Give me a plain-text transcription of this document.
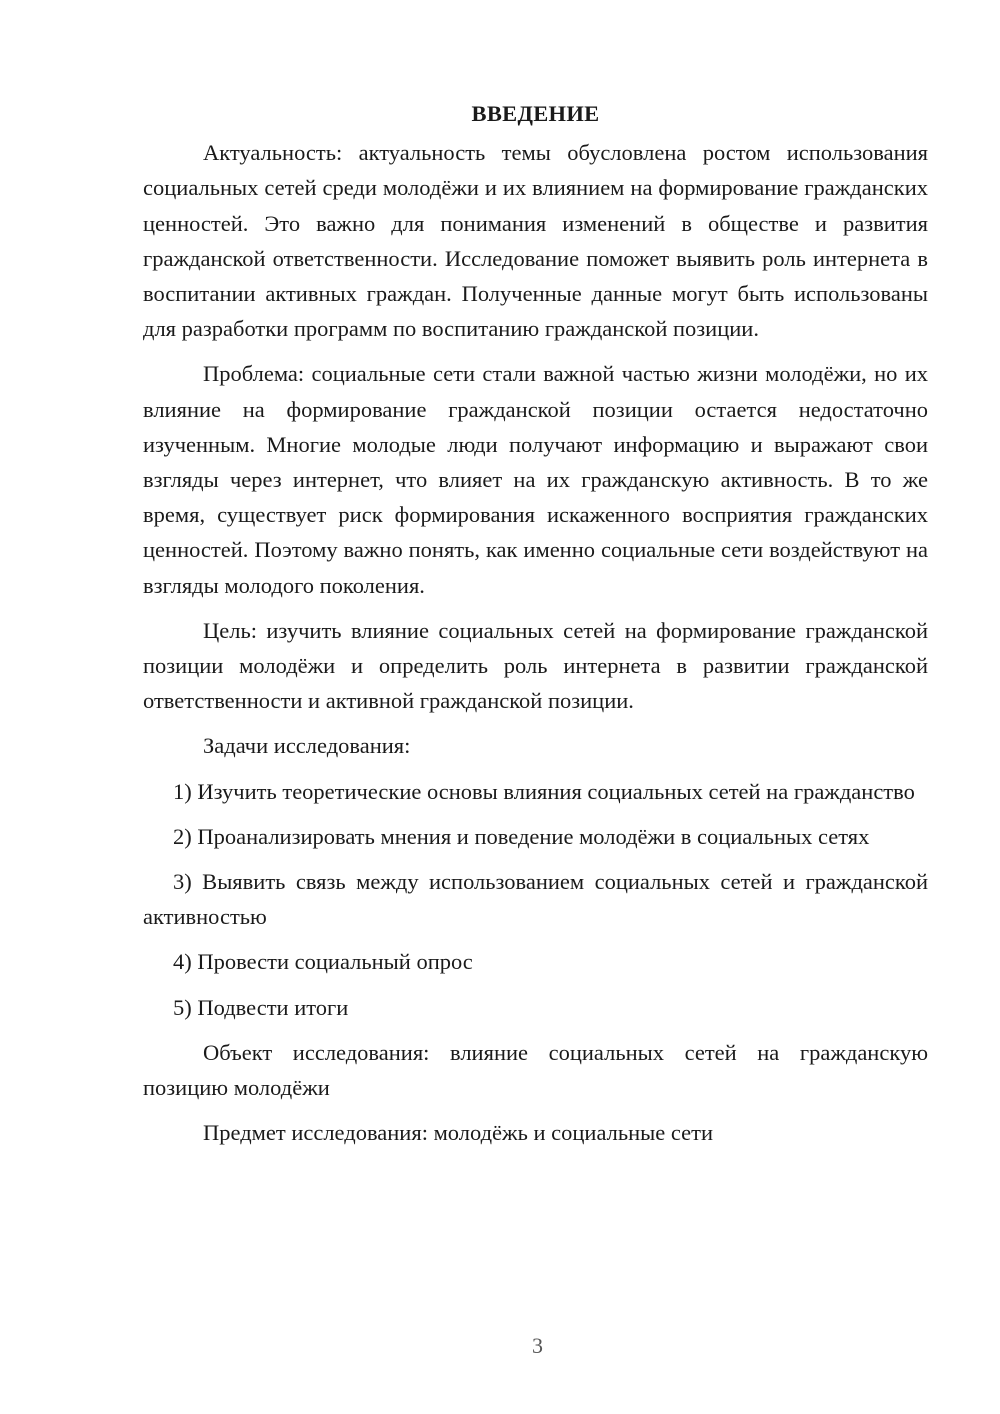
ВВЕДЕНИЕ

Актуальность: актуальность темы обусловлена ростом использования социальных сетей среди молодёжи и их влиянием на формирование гражданских ценностей. Это важно для понимания изменений в обществе и развития гражданской ответственности. Исследование поможет выявить роль интернета в воспитании активных граждан. Полученные данные могут быть использованы для разработки программ по воспитанию гражданской позиции.

Проблема: социальные сети стали важной частью жизни молодёжи, но их влияние на формирование гражданской позиции остается недостаточно изученным. Многие молодые люди получают информацию и выражают свои взгляды через интернет, что влияет на их гражданскую активность. В то же время, существует риск формирования искаженного восприятия гражданских ценностей. Поэтому важно понять, как именно социальные сети воздействуют на взгляды молодого поколения.

Цель: изучить влияние социальных сетей на формирование гражданской позиции молодёжи и определить роль интернета в развитии гражданской ответственности и активной гражданской позиции.

Задачи исследования:

1) Изучить теоретические основы влияния социальных сетей на гражданство

2) Проанализировать мнения и поведение молодёжи в социальных сетях

3) Выявить связь между использованием социальных сетей и гражданской активностью

4) Провести социальный опрос

5) Подвести итоги

Объект исследования: влияние социальных сетей на гражданскую позицию молодёжи

Предмет исследования: молодёжь и социальные сети

3
